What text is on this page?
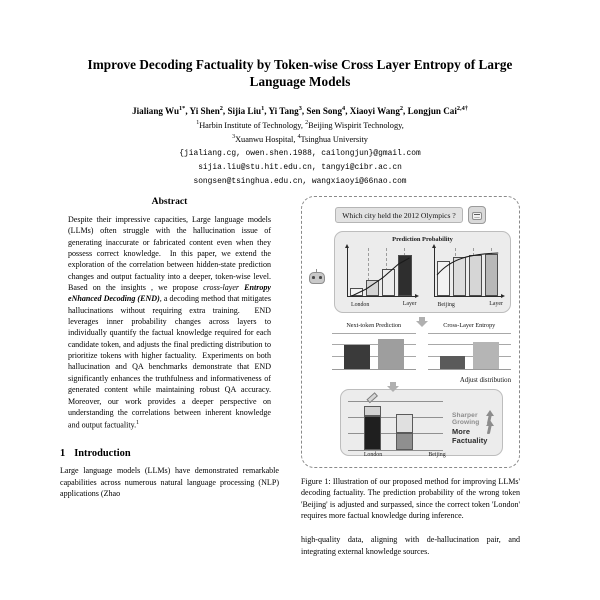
Improve Decoding Factuality by Token-wise Cross Layer Entropy of Large Language Models
Jialiang $Wu^{1*}$, Yi Shen$^2$, Sijia Liu$^1$, Yi Tang$^3$, Sen Song$^4$, Xiaoyi Wang$^2$, Longjun Cai$^{2,4\dagger}$
$^1$Harbin Institute of Technology, $^2$Beijing Wispirit Technology,
$^3$Xuanwu Hospital, $^4$Tsinghua University
{jialiang.cg, owen.shen.1988, cailongjun}@gmail.com
sijia.liu@stu.hit.edu.cn, tangyi@cibr.ac.cn
songsen@tsinghua.edu.cn, wangxiaoyi@66nao.com
Abstract

Despite their impressive capacities, Large language models (LLMs) often struggle with the hallucination issue of generating inaccurate or fabricated content even when they possess correct knowledge.  In this paper, we extend the exploration of the correlation between hidden-state prediction changes and output factuality into a deeper, token-wise level. Based on the insights , we propose cross-layer Entropy eNhanced Decoding (END), a decoding method that mitigates hallucinations without requiring extra training.  END leverages inner probability changes across layers to individually quantify the factual knowledge required for each candidate token, and adjusts the final predicting distribution to prioritize tokens with higher factuality.  Experiments on both hallucination and QA benchmarks demonstrate that END significantly enhances the truthfulness and informativeness of generated content while maintaining robust QA accuracy. Moreover, our work provides a deeper perspective on understanding the correlations between inherent knowledge and output factuality.$^1$

1 Introduction

Large language models (LLMs) have demonstrated remarkable capabilities across numerous natural language processing (NLP) applications (Zhao

Which city held the 2012 Olympics ?
Prediction Probability
London	Layer	Beijing	Layer
Next-token Prediction	Cross-Layer Entropy
Adjust distribution
London	Beijing
Sharper Growing
More Factuality

Figure 1: Illustration of our proposed method for improving LLMs' decoding factuality. The prediction probability of the wrong token 'Beijing' is adjusted and surpassed, since the correct token 'London' requires more factual knowledge during inference.

high-quality data, aligning with de-hallucination pair, and integrating external knowledge sources.
